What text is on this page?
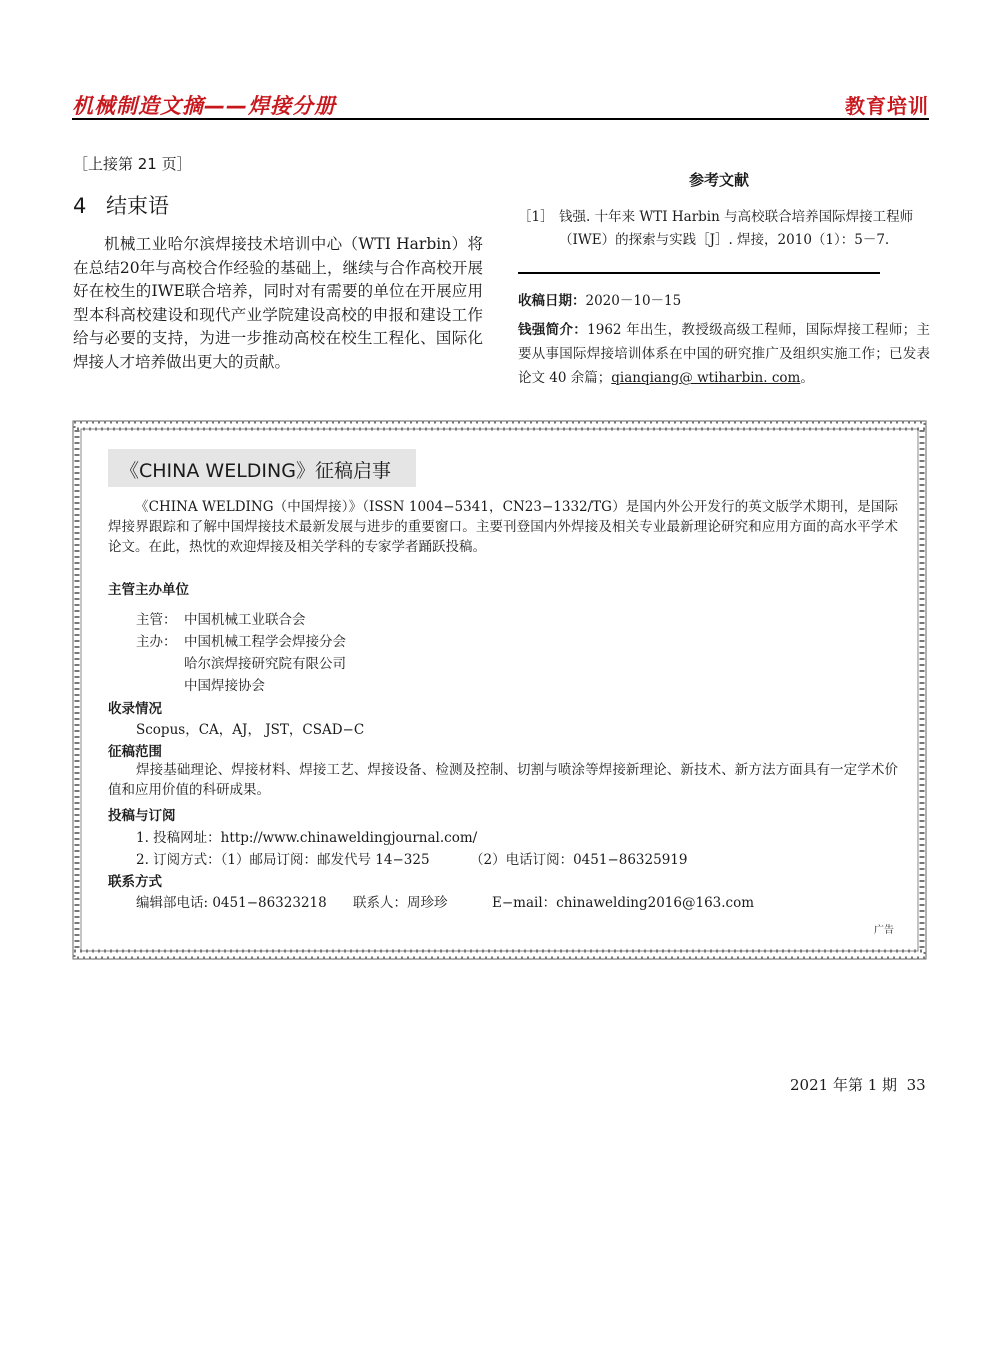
机械制造文摘——焊接分册	教育培训
［上接第 21 页］
4 结束语
机械工业哈尔滨焊接技术培训中心（WTI Harbin）将在总结20年与高校合作经验的基础上，继续与合作高校开展好在校生的IWE联合培养，同时对有需要的单位在开展应用型本科高校建设和现代产业学院建设高校的申报和建设工作给与必要的支持，为进一步推动高校在校生工程化、国际化焊接人才培养做出更大的贡献。
参考文献
［1］ 钱强. 十年来 WTI Harbin 与高校联合培养国际焊接工程师（IWE）的探索与实践［J］. 焊接，2010（1）：5－7.
收稿日期：2020－10－15
钱强简介：1962 年出生，教授级高级工程师，国际焊接工程师；主要从事国际焊接培训体系在中国的研究推广及组织实施工作；已发表论文 40 余篇；qianqiang@ wtiharbin. com。
《CHINA WELDING》征稿启事
《CHINA WELDING（中国焊接）》（ISSN 1004−5341，CN23−1332/TG）是国内外公开发行的英文版学术期刊，是国际焊接界跟踪和了解中国焊接技术最新发展与进步的重要窗口。主要刊登国内外焊接及相关专业最新理论研究和应用方面的高水平学术论文。在此，热忱的欢迎焊接及相关学科的专家学者踊跃投稿。
主管主办单位
主管： 中国机械工业联合会
主办： 中国机械工程学会焊接分会
哈尔滨焊接研究院有限公司
中国焊接协会
收录情况
Scopus，CA，AJ， JST，CSAD−C
征稿范围
焊接基础理论、焊接材料、焊接工艺、焊接设备、检测及控制、切割与喷涂等焊接新理论、新技术、新方法方面具有一定学术价值和应用价值的科研成果。
投稿与订阅
1. 投稿网址：http://www.chinaweldingjournal.com/
2. 订阅方式：（1）邮局订阅：邮发代号 14−325	（2）电话订阅：0451−86325919
联系方式
编辑部电话: 0451−86323218 联系人：周珍珍	E−mail：chinawelding2016@163.com
广告
2021 年第 1 期 33
